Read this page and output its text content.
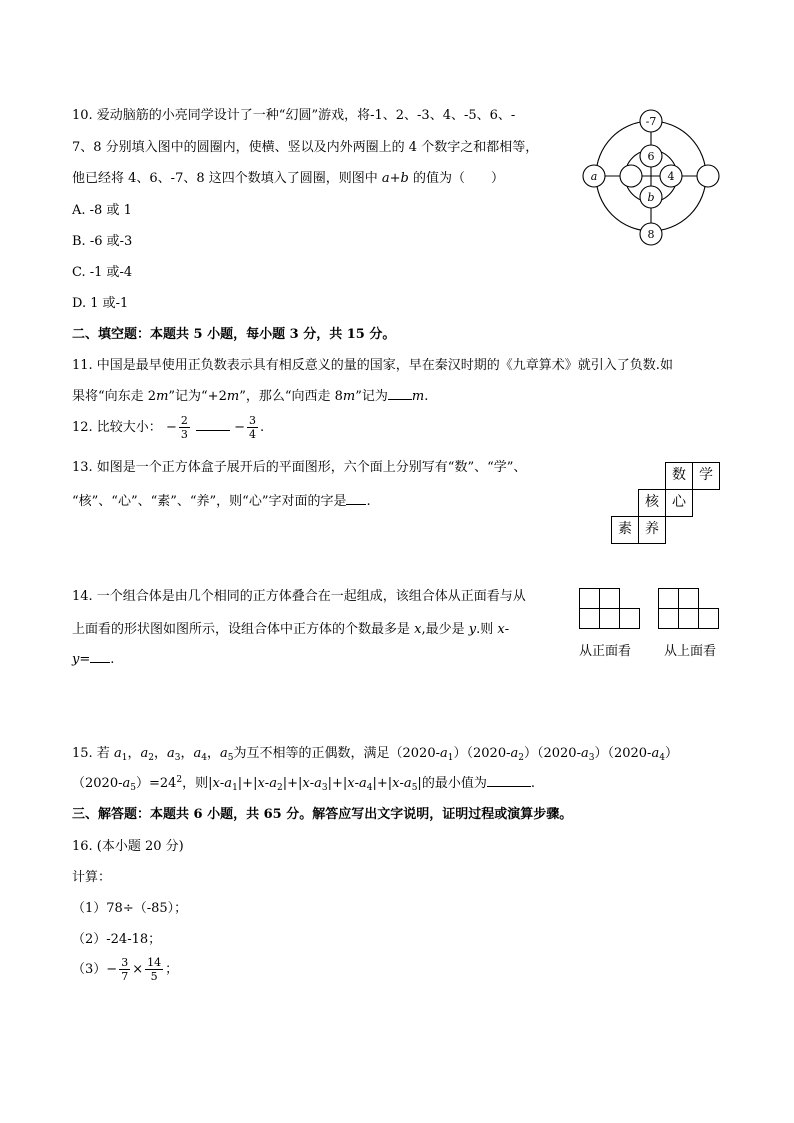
10. 爱动脑筋的小亮同学设计了一种“幻圆”游戏，将-1、2、-3、4、-5、6、-
7、8 分别填入图中的圆圈内，使横、竖以及内外两圈上的 4 个数字之和都相等，
他已经将 4、6、-7、8 这四个数填入了圆圈，则图中 a+b 的值为（　　）
A. -8 或 1
B. -6 或-3
C. -1 或-4
D. 1 或-1
-7
a
6
4
b
8
二、填空题：本题共 5 小题，每小题 3 分，共 15 分。
11. 中国是最早使用正负数表示具有相反意义的量的国家，早在秦汉时期的《九章算术》就引入了负数.如
果将“向东走 2m”记为“+2m”，那么“向西走 8m”记为 m.
12. 比较大小： − $\frac{2}{3}$	− $\frac{3}{4}$ .
13. 如图是一个正方体盒子展开后的平面图形，六个面上分别写有“数”、“学”、
“核”、“心”、“素”、“养”，则“心”字对面的字是 .
数 学
核 心
素 养
14. 一个组合体是由几个相同的正方体叠合在一起组成，该组合体从正面看与从
上面看的形状图如图所示，设组合体中正方体的个数最多是 x,最少是 y.则 x-
y= .
从正面看	从上面看
15. 若 $a_1$，$a_2$，$a_3$，$a_4$，$a_5$为互不相等的正偶数，满足$(2020-a_1)(2020-a_2)(2020-a_3)(2020-a_4)$
$(2020-a_5)=24^2$，则$|x-a_1|+|x-a_2|+|x-a_3|+|x-a_4|+|x-a_5|$的最小值为	.
三、解答题：本题共 6 小题，共 65 分。解答应写出文字说明，证明过程或演算步骤。
16. (本小题 20 分)
计算：
（1）78÷（-85）；
（2）-24-18；
$(3)- \frac{3}{7} \times \frac{14}{5}$ ；
